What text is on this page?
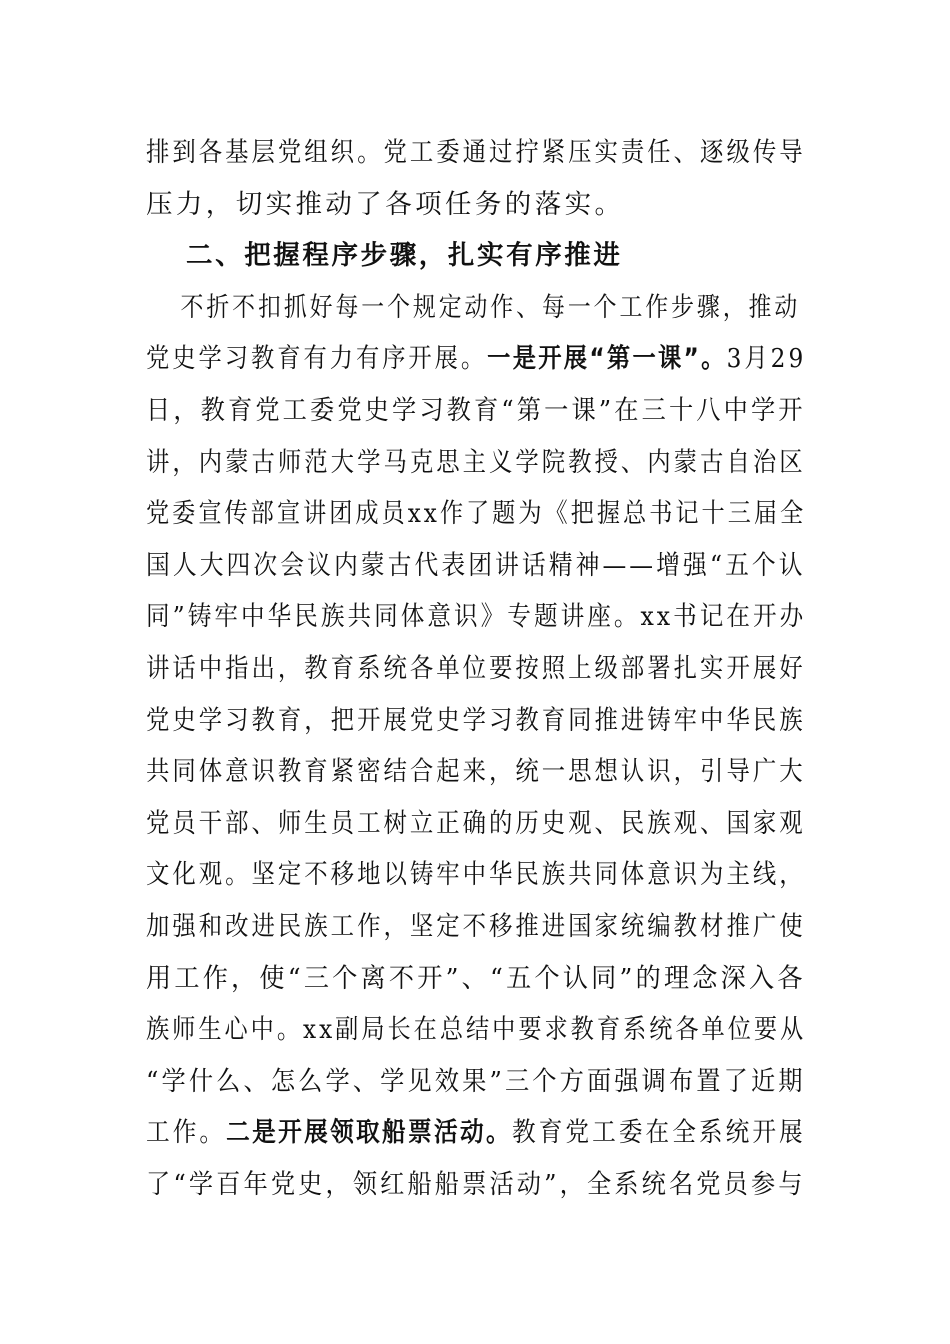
排到各基层党组织。党工委通过拧紧压实责任、逐级传导
压力，切实推动了各项任务的落实。
二、把握程序步骤，扎实有序推进
不折不扣抓好每一个规定动作、每一个工作步骤，推动
党史学习教育有力有序开展。一是开展“第一课”。3月29
日，教育党工委党史学习教育“第一课”在三十八中学开
讲，内蒙古师范大学马克思主义学院教授、内蒙古自治区
党委宣传部宣讲团成员xx作了题为《把握总书记十三届全
国人大四次会议内蒙古代表团讲话精神——增强“五个认
同”铸牢中华民族共同体意识》专题讲座。xx书记在开办
讲话中指出，教育系统各单位要按照上级部署扎实开展好
党史学习教育，把开展党史学习教育同推进铸牢中华民族
共同体意识教育紧密结合起来，统一思想认识，引导广大
党员干部、师生员工树立正确的历史观、民族观、国家观
文化观。坚定不移地以铸牢中华民族共同体意识为主线，
加强和改进民族工作，坚定不移推进国家统编教材推广使
用工作，使“三个离不开”、“五个认同”的理念深入各
族师生心中。xx副局长在总结中要求教育系统各单位要从
“学什么、怎么学、学见效果”三个方面强调布置了近期
工作。二是开展领取船票活动。教育党工委在全系统开展
了“学百年党史，领红船船票活动”，全系统名党员参与
